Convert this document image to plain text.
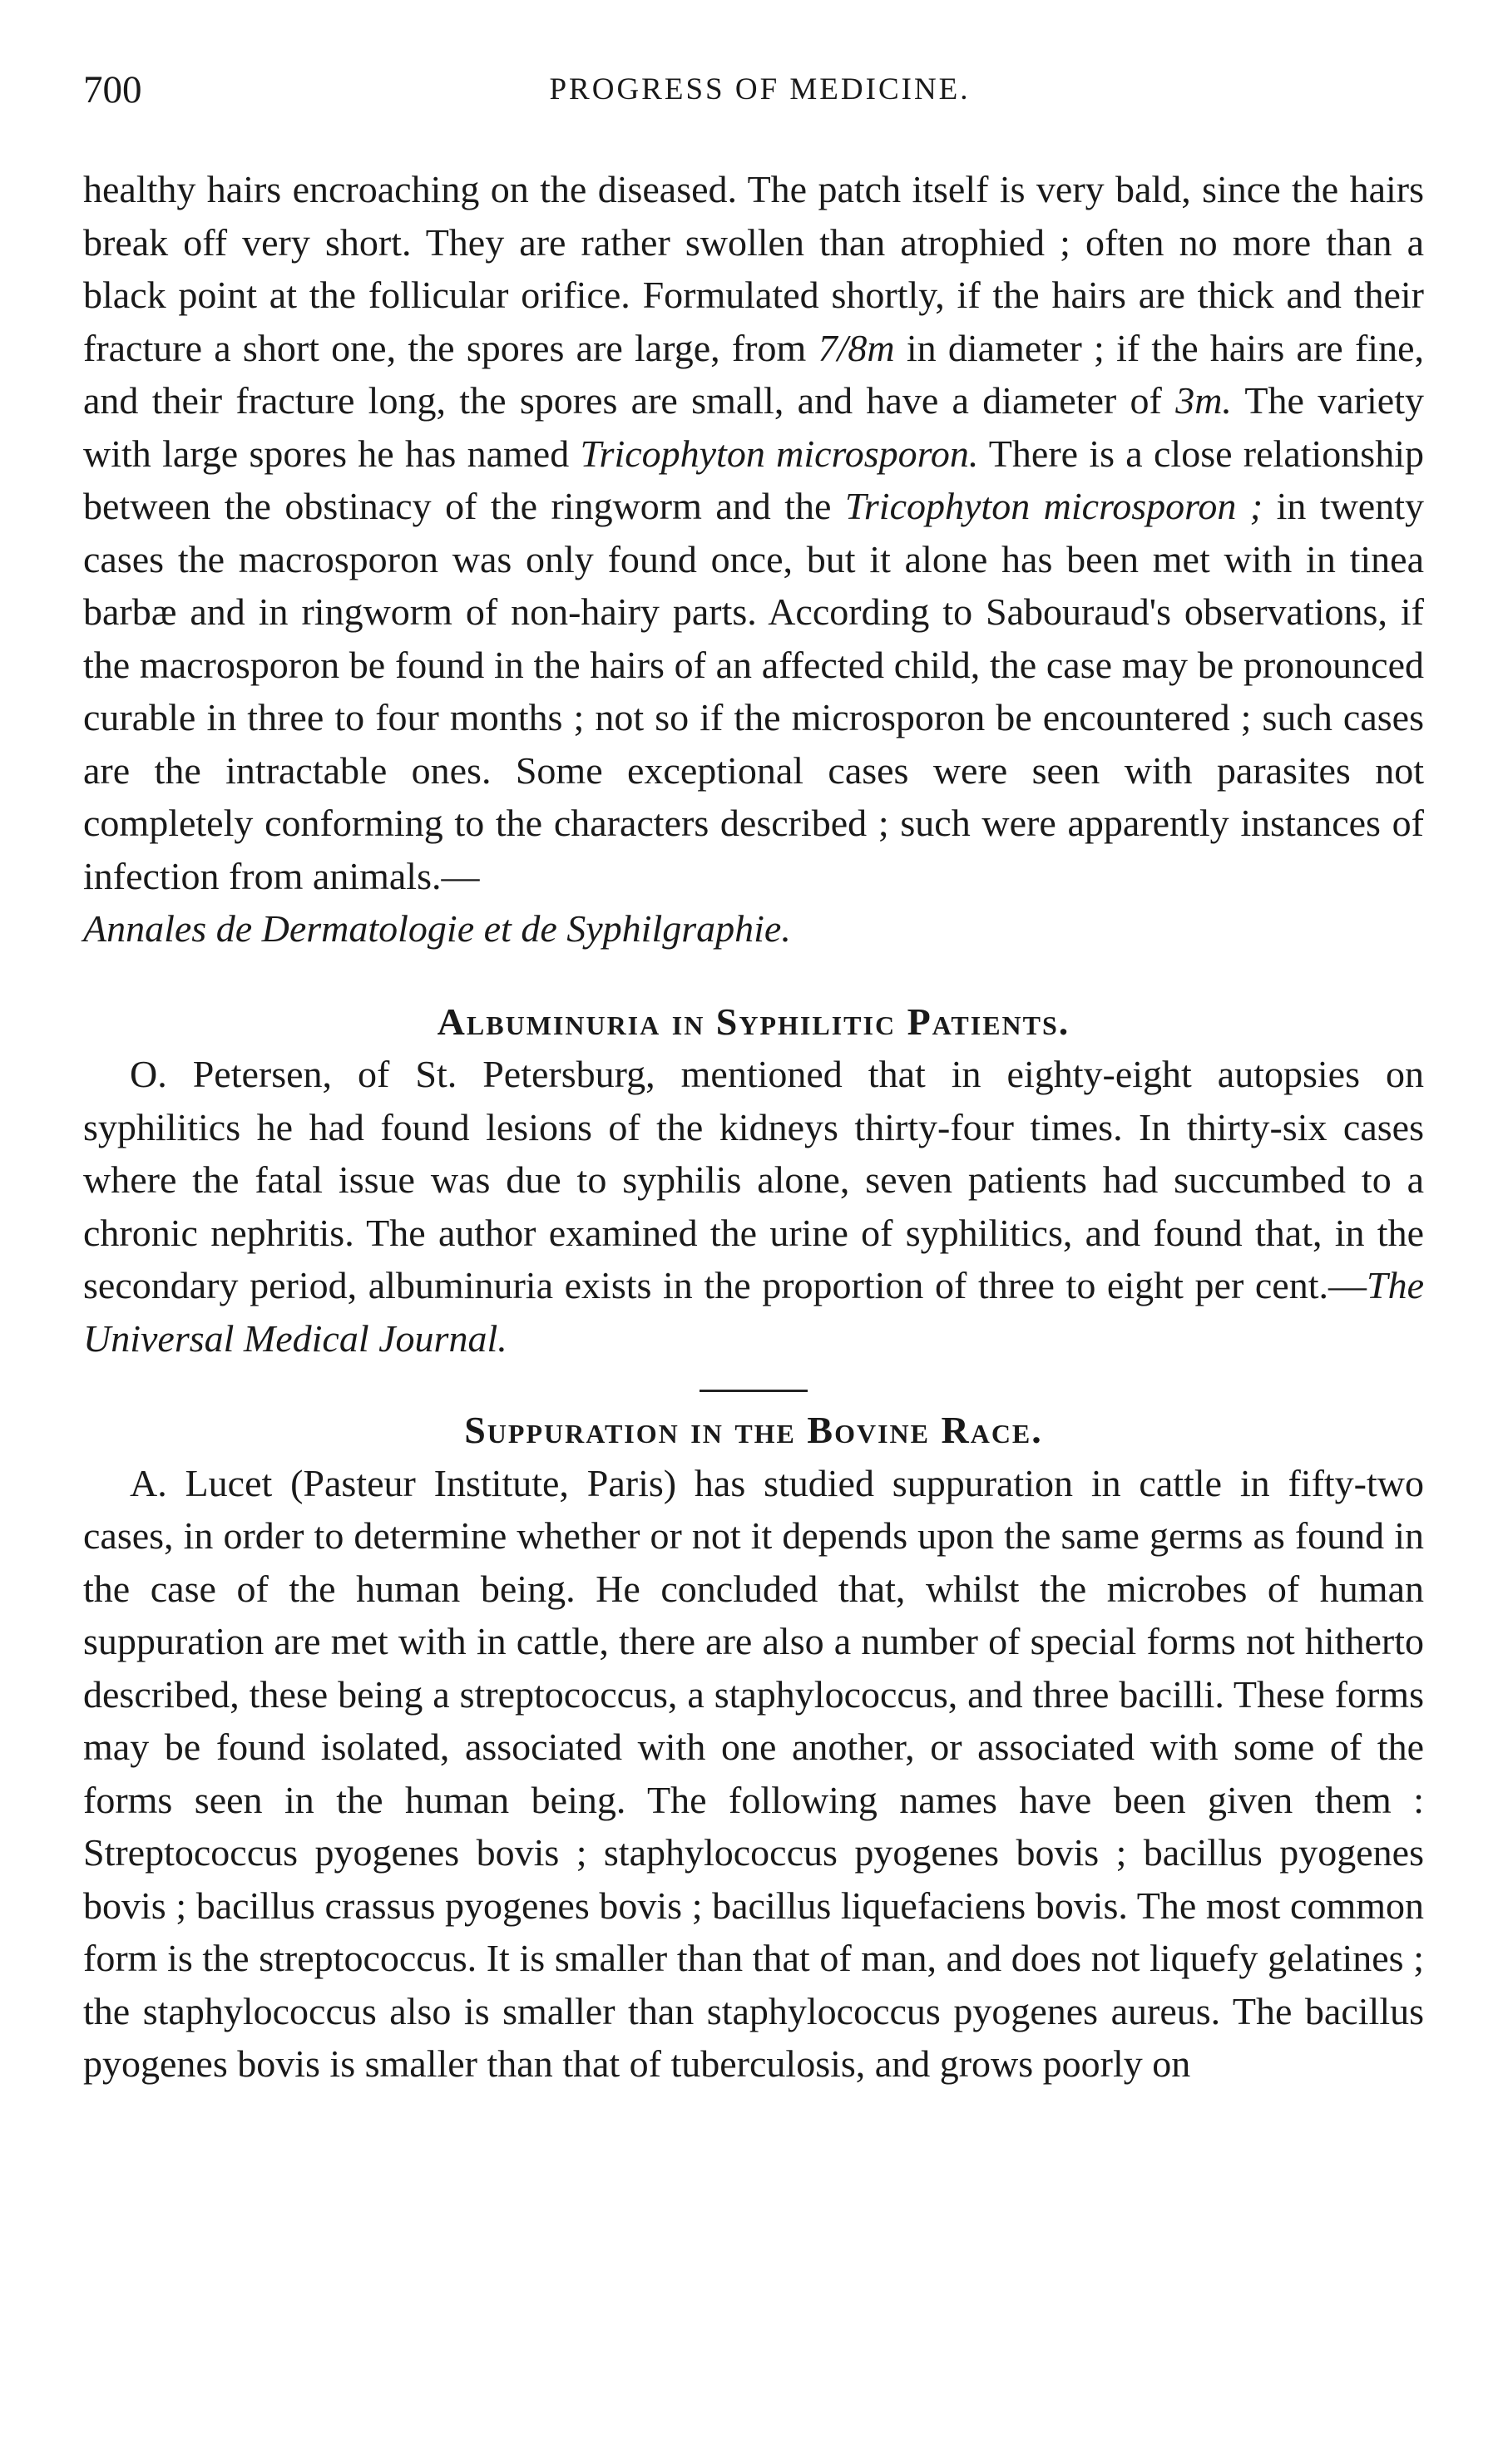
700	PROGRESS OF MEDICINE.

healthy hairs encroaching on the diseased. The patch itself is very bald, since the hairs break off very short. They are rather swollen than atrophied ; often no more than a black point at the follicular orifice. Formulated shortly, if the hairs are thick and their fracture a short one, the spores are large, from 7/8m in diameter ; if the hairs are fine, and their fracture long, the spores are small, and have a diameter of 3m. The variety with large spores he has named Tricophyton microsporon. There is a close relationship between the obstinacy of the ringworm and the Tricophyton microsporon ; in twenty cases the macrosporon was only found once, but it alone has been met with in tinea barbæ and in ringworm of non-hairy parts. According to Sabouraud's observations, if the macrosporon be found in the hairs of an affected child, the case may be pronounced curable in three to four months ; not so if the microsporon be encountered ; such cases are the intractable ones. Some exceptional cases were seen with parasites not completely conforming to the characters described ; such were apparently instances of infection from animals.—
Annales de Dermatologie et de Syphilgraphie.

Albuminuria in Syphilitic Patients.

O. Petersen, of St. Petersburg, mentioned that in eighty-eight autopsies on syphilitics he had found lesions of the kidneys thirty-four times. In thirty-six cases where the fatal issue was due to syphilis alone, seven patients had succumbed to a chronic nephritis. The author examined the urine of syphilitics, and found that, in the secondary period, albuminuria exists in the proportion of three to eight per cent.—The Universal Medical Journal.

Suppuration in the Bovine Race.

A. Lucet (Pasteur Institute, Paris) has studied suppuration in cattle in fifty-two cases, in order to determine whether or not it depends upon the same germs as found in the case of the human being. He concluded that, whilst the microbes of human suppuration are met with in cattle, there are also a number of special forms not hitherto described, these being a streptococcus, a staphylococcus, and three bacilli. These forms may be found isolated, associated with one another, or associated with some of the forms seen in the human being. The following names have been given them : Streptococcus pyogenes bovis ; staphylococcus pyogenes bovis ; bacillus pyogenes bovis ; bacillus crassus pyogenes bovis ; bacillus liquefaciens bovis. The most common form is the streptococcus. It is smaller than that of man, and does not liquefy gelatines ; the staphylococcus also is smaller than staphylococcus pyogenes aureus. The bacillus pyogenes bovis is smaller than that of tuberculosis, and grows poorly on
